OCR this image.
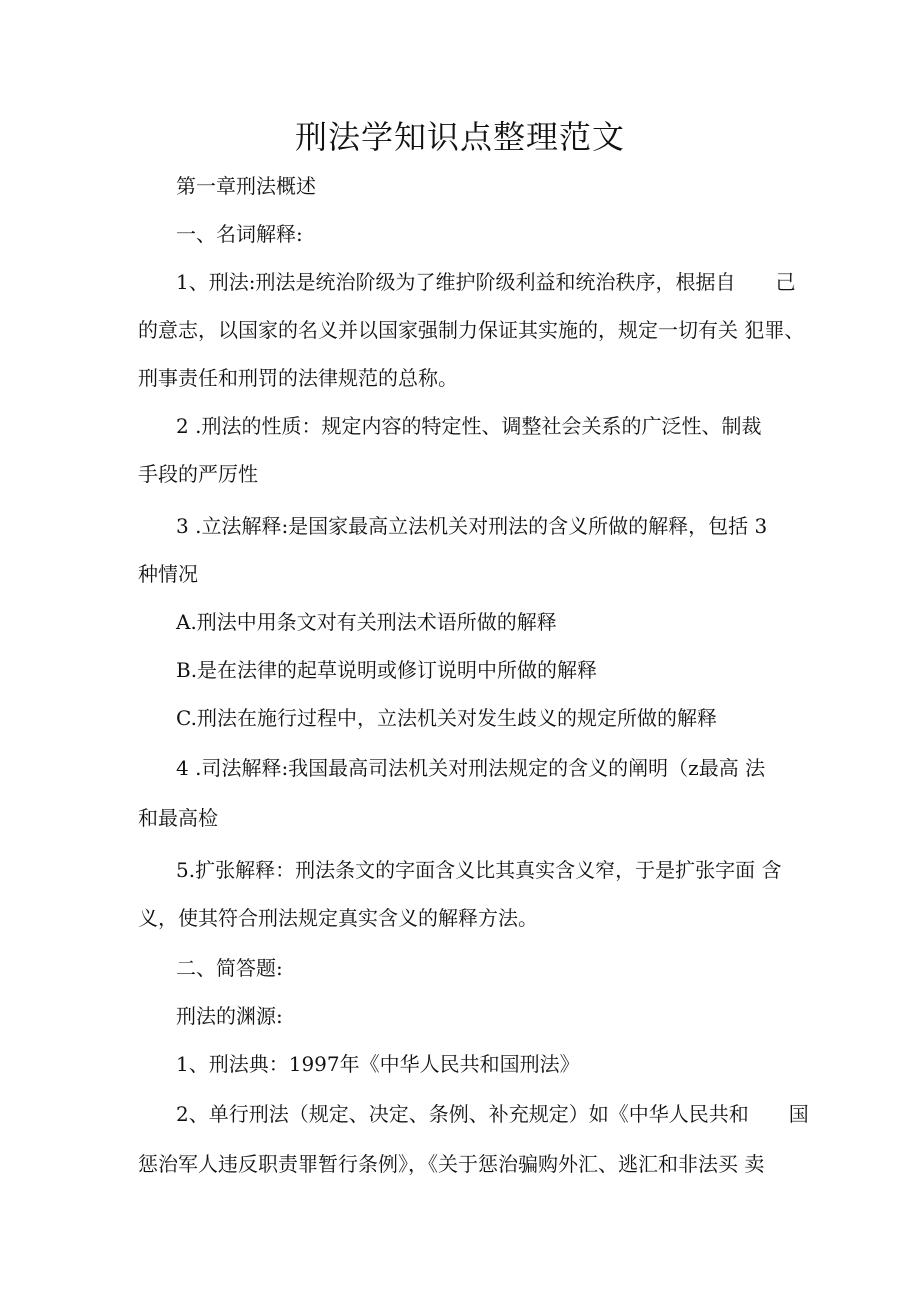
刑法学知识点整理范文
第一章刑法概述
一、名词解释:
1、刑法:刑法是统治阶级为了维护阶级利益和统治秩序，根据自　　己
的意志，以国家的名义并以国家强制力保证其实施的，规定一切有关 犯罪、
刑事责任和刑罚的法律规范的总称。
2 .刑法的性质：规定内容的特定性、调整社会关系的广泛性、制裁
手段的严厉性
3 .立法解释:是国家最高立法机关对刑法的含义所做的解释，包括 3
种情况
A.刑法中用条文对有关刑法术语所做的解释
B.是在法律的起草说明或修订说明中所做的解释
C.刑法在施行过程中，立法机关对发生歧义的规定所做的解释
4 .司法解释:我国最高司法机关对刑法规定的含义的阐明（z最高 法
和最高检
5.扩张解释：刑法条文的字面含义比其真实含义窄，于是扩张字面 含
义，使其符合刑法规定真实含义的解释方法。
二、简答题:
刑法的渊源:
1、刑法典：1997年《中华人民共和国刑法》
2、单行刑法（规定、决定、条例、补充规定）如《中华人民共和　　国
惩治军人违反职责罪暂行条例》，《关于惩治骗购外汇、逃汇和非法买 卖
